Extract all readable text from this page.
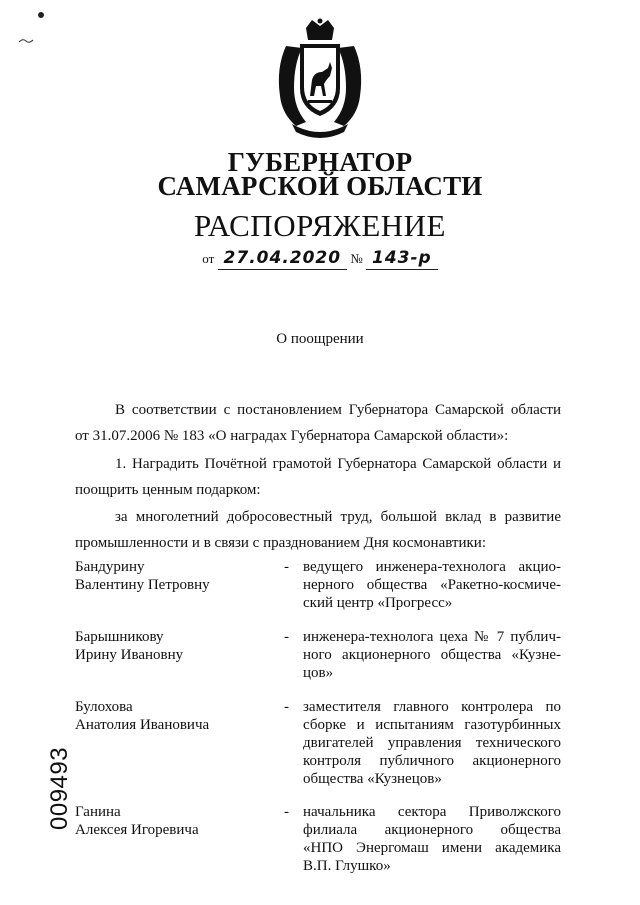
ГУБЕРНАТОР
САМАРСКОЙ ОБЛАСТИ
РАСПОРЯЖЕНИЕ
от 27.04.2020 № 143-р
О поощрении
В соответствии с постановлением Губернатора Самарской области
от 31.07.2006 № 183 «О наградах Губернатора Самарской области»:
1. Наградить Почётной грамотой Губернатора Самарской области и
поощрить ценным подарком:
за многолетний добросовестный труд, большой вклад в развитие
промышленности и в связи с празднованием Дня космонавтики:
Бандурину
Валентину Петровну
- ведущего инженера-технолога акцио-
нерного общества «Ракетно-космиче-
ский центр «Прогресс»
Барышникову
Ирину Ивановну
- инженера-технолога цеха № 7 публич-
ного акционерного общества «Кузне-
цов»
Булохова
Анатолия Ивановича
- заместителя главного контролера по
сборке и испытаниям газотурбинных
двигателей управления технического
контроля публичного акционерного
общества «Кузнецов»
Ганина
Алексея Игоревича
- начальника сектора Приволжского
филиала акционерного общества
«НПО Энергомаш имени академика
В.П. Глушко»
009493
